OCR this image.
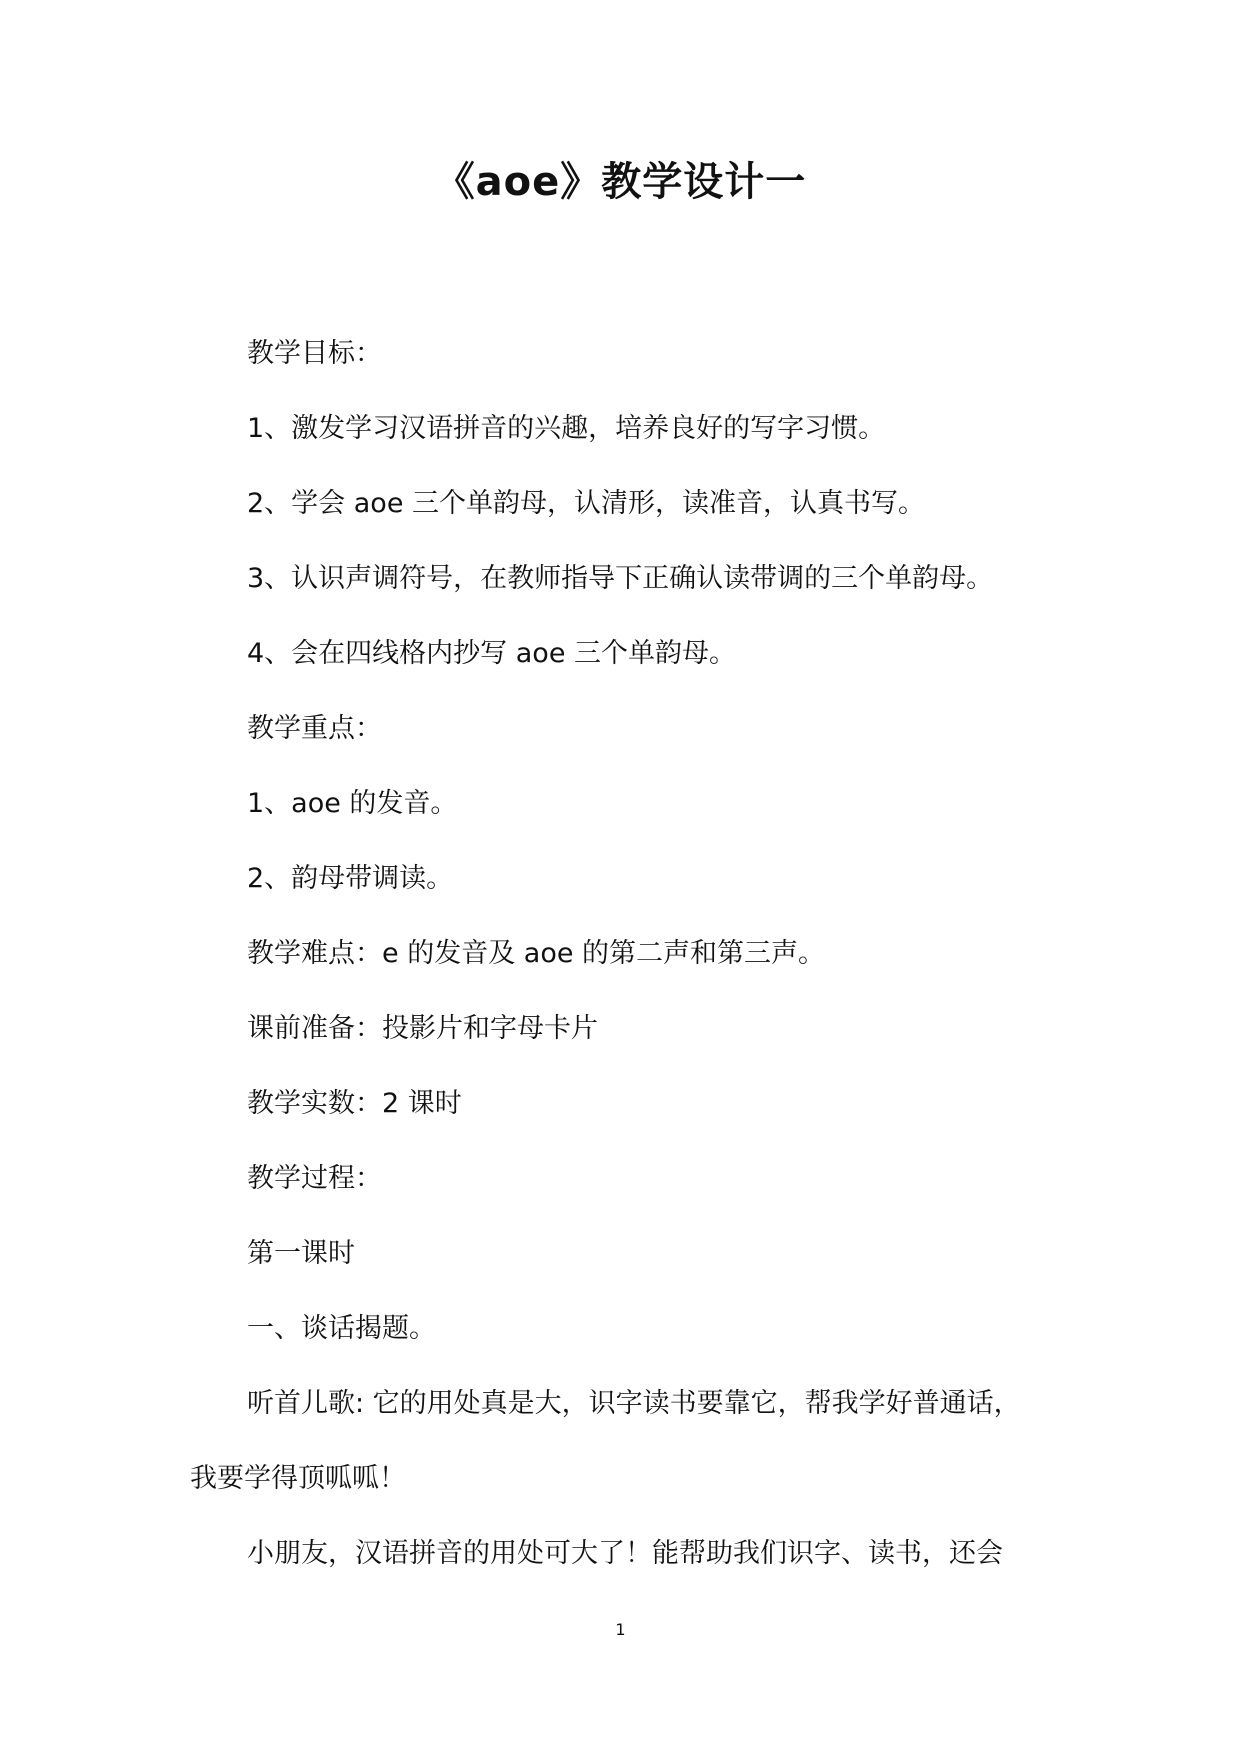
《aoe》教学设计一
教学目标：
1、激发学习汉语拼音的兴趣，培养良好的写字习惯。
2、学会 aoe 三个单韵母，认清形，读准音，认真书写。
3、认识声调符号，在教师指导下正确认读带调的三个单韵母。
4、会在四线格内抄写 aoe 三个单韵母。
教学重点：
1、aoe 的发音。
2、韵母带调读。
教学难点：e 的发音及 aoe 的第二声和第三声。
课前准备：投影片和字母卡片
教学实数：2 课时
教学过程：
第一课时
一、谈话揭题。
听首儿歌: 它的用处真是大，识字读书要靠它，帮我学好普通话，
我要学得顶呱呱！
小朋友，汉语拼音的用处可大了！能帮助我们识字、读书，还会
1
